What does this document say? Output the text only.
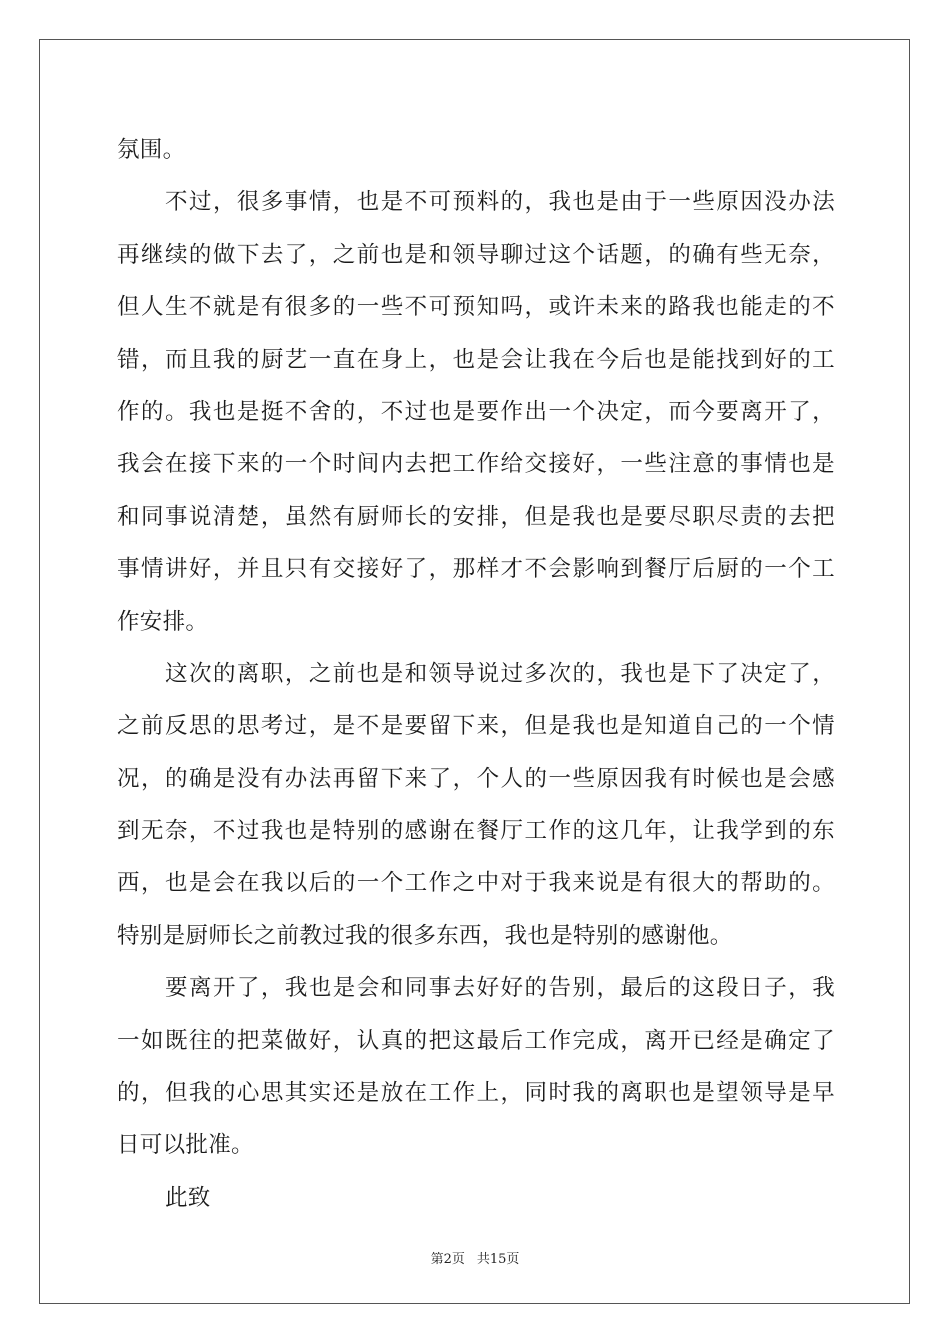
氛围。
不过，很多事情，也是不可预料的，我也是由于一些原因没办法
再继续的做下去了，之前也是和领导聊过这个话题，的确有些无奈，
但人生不就是有很多的一些不可预知吗，或许未来的路我也能走的不
错，而且我的厨艺一直在身上，也是会让我在今后也是能找到好的工
作的。我也是挺不舍的，不过也是要作出一个决定，而今要离开了，
我会在接下来的一个时间内去把工作给交接好，一些注意的事情也是
和同事说清楚，虽然有厨师长的安排，但是我也是要尽职尽责的去把
事情讲好，并且只有交接好了，那样才不会影响到餐厅后厨的一个工
作安排。
这次的离职，之前也是和领导说过多次的，我也是下了决定了，
之前反思的思考过，是不是要留下来，但是我也是知道自己的一个情
况，的确是没有办法再留下来了，个人的一些原因我有时候也是会感
到无奈，不过我也是特别的感谢在餐厅工作的这几年，让我学到的东
西，也是会在我以后的一个工作之中对于我来说是有很大的帮助的。
特别是厨师长之前教过我的很多东西，我也是特别的感谢他。
要离开了，我也是会和同事去好好的告别，最后的这段日子，我
一如既往的把菜做好，认真的把这最后工作完成，离开已经是确定了
的，但我的心思其实还是放在工作上，同时我的离职也是望领导是早
日可以批准。
此致
第2页 共15页
